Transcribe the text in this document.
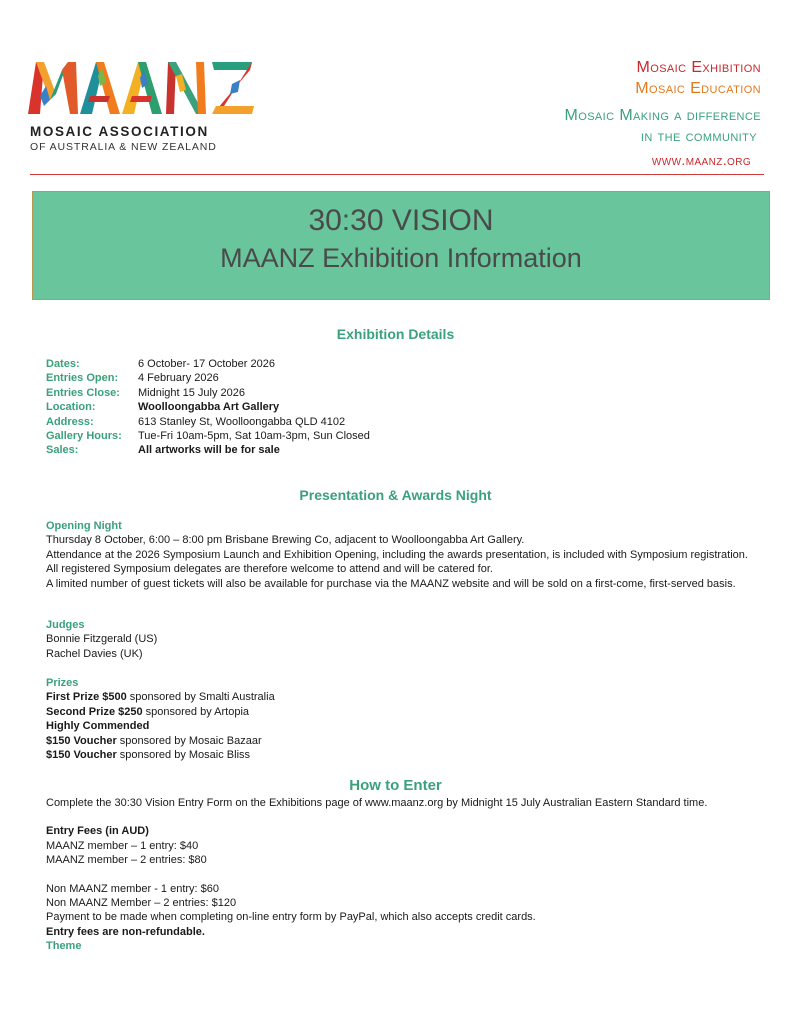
MOSAIC ASSOCIATION
OF AUSTRALIA & NEW ZEALAND
Mosaic Exhibition
Mosaic Education
Mosaic Making a difference
in the community
www.maanz.org
30:30 VISION
MAANZ Exhibition Information
Exhibition Details
Dates:	6 October- 17 October 2026
Entries Open:	4 February 2026
Entries Close:	Midnight 15 July 2026
Location:	Woolloongabba Art Gallery
Address:	613 Stanley St, Woolloongabba QLD 4102
Gallery Hours:	Tue-Fri 10am-5pm, Sat 10am-3pm, Sun Closed
Sales:	All artworks will be for sale
Presentation & Awards Night

Opening Night

Thursday 8 October, 6:00 – 8:00 pm Brisbane Brewing Co, adjacent to Woolloongabba Art Gallery.

Attendance at the 2026 Symposium Launch and Exhibition Opening, including the awards presentation, is included with Symposium registration. All registered Symposium delegates are therefore welcome to attend and will be catered for.

A limited number of guest tickets will also be available for purchase via the MAANZ website and will be sold on a first-come, first-served basis.

Judges

Bonnie Fitzgerald (US)

Rachel Davies (UK)

Prizes

First Prize $500 sponsored by Smalti Australia

Second Prize $250 sponsored by Artopia

Highly Commended

$150 Voucher sponsored by Mosaic Bazaar

$150 Voucher sponsored by Mosaic Bliss

How to Enter

Complete the 30:30 Vision Entry Form on the Exhibitions page of www.maanz.org by Midnight 15 July Australian Eastern Standard time.

Entry Fees (in AUD)

MAANZ member – 1 entry: $40

MAANZ member – 2 entries: $80

Non MAANZ member - 1 entry: $60

Non MAANZ Member – 2 entries: $120

Payment to be made when completing on-line entry form by PayPal, which also accepts credit cards.

Entry fees are non-refundable.

Theme
